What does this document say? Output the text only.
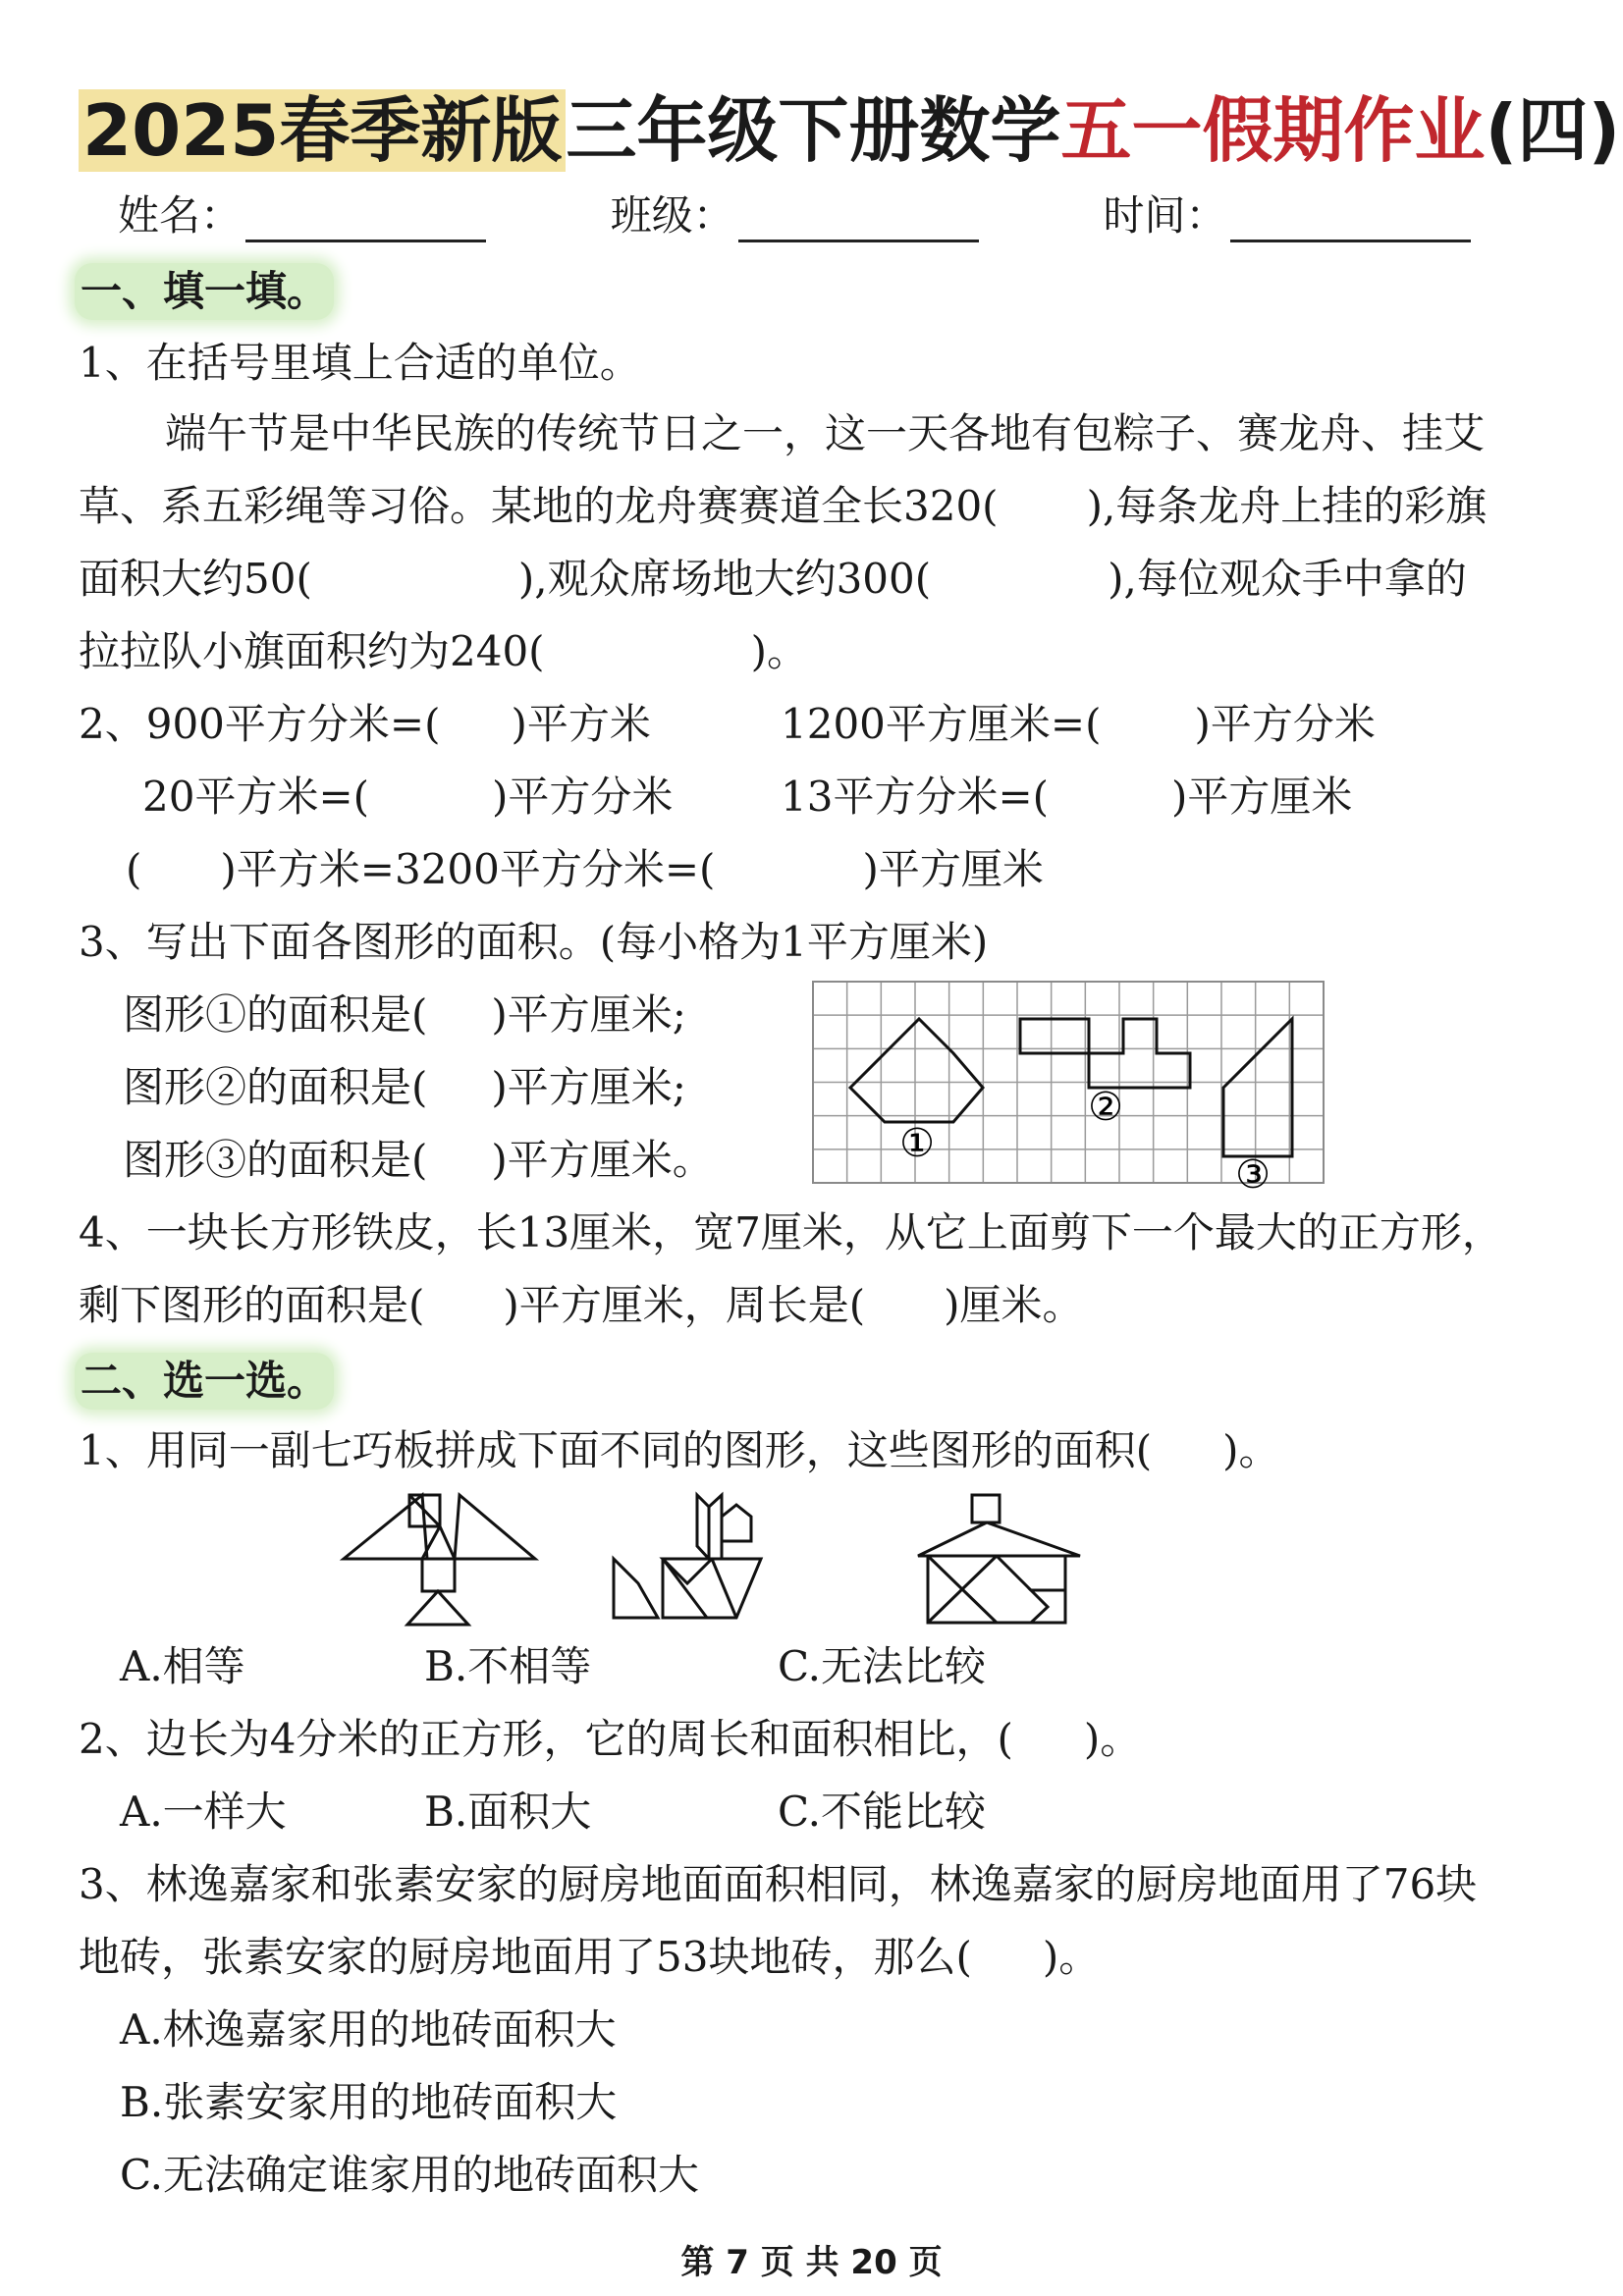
2025春季新版三年级下册数学五一假期作业(四)
姓名：	班级：	时间：
一、填一填。
1、在括号里填上合适的单位。
端午节是中华民族的传统节日之一，这一天各地有包粽子、赛龙舟、挂艾
草、系五彩绳等习俗。某地的龙舟赛赛道全长320( ),每条龙舟上挂的彩旗
面积大约50(	),观众席场地大约300(	),每位观众手中拿的
拉拉队小旗面积约为240(	)。
2、900平方分米=( )平方米	1200平方厘米=( )平方分米
20平方米=(	)平方分米	13平方分米=(	)平方厘米
( )平方米=3200平方分米=(	)平方厘米
3、写出下面各图形的面积。(每小格为1平方厘米)
图形①的面积是( )平方厘米;
图形②的面积是( )平方厘米;
图形③的面积是( )平方厘米。	①
②
③
4、一块长方形铁皮，长13厘米，宽7厘米，从它上面剪下一个最大的正方形，
剩下图形的面积是( )平方厘米，周长是( )厘米。
二、选一选。
1、用同一副七巧板拼成下面不同的图形，这些图形的面积( )。
A.相等	B.不相等	C.无法比较
2、边长为4分米的正方形，它的周长和面积相比，( )。
A.一样大	B.面积大	C.不能比较
3、林逸嘉家和张素安家的厨房地面面积相同，林逸嘉家的厨房地面用了76块
地砖，张素安家的厨房地面用了53块地砖，那么( )。
A.林逸嘉家用的地砖面积大
B.张素安家用的地砖面积大
C.无法确定谁家用的地砖面积大
第 7 页 共 20 页
